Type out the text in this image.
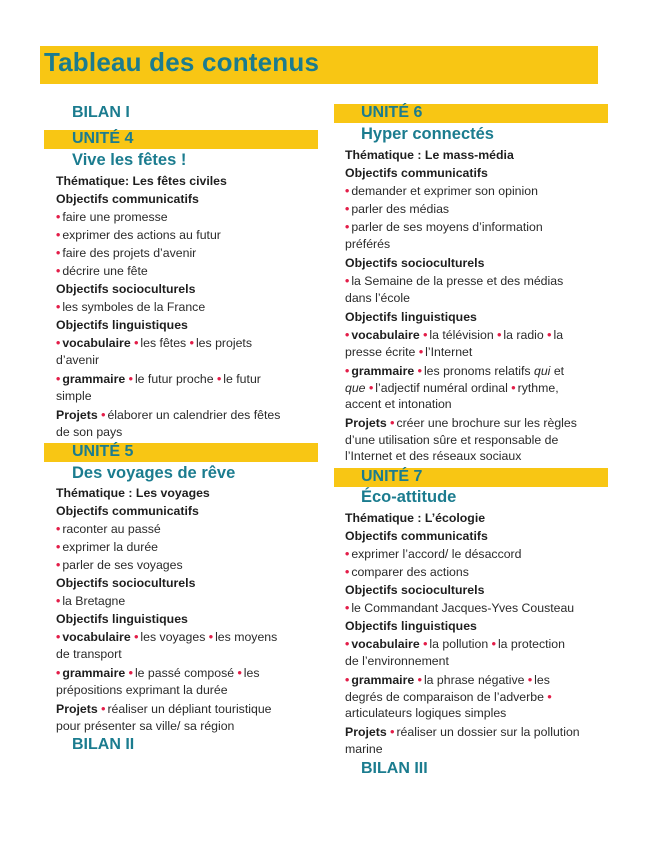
Tableau des contenus
BILAN I
UNITÉ 4
Vive les fêtes !
Thématique: Les fêtes civiles
Objectifs communicatifs
• faire une promesse
• exprimer des actions au futur
• faire des projets d’avenir
• décrire une fête
Objectifs socioculturels
• les symboles de la France
Objectifs linguistiques
• vocabulaire • les fêtes • les projets
d’avenir
• grammaire • le futur proche • le futur
simple
Projets • élaborer un calendrier des fêtes
de son pays
UNITÉ 5
Des voyages de rêve
Thématique : Les voyages
Objectifs communicatifs
• raconter au passé
• exprimer la durée
• parler de ses voyages
Objectifs socioculturels
• la Bretagne
Objectifs linguistiques
• vocabulaire • les voyages • les moyens
de transport
• grammaire • le passé composé • les
prépositions exprimant la durée
Projets • réaliser un dépliant touristique
pour présenter sa ville/ sa région
BILAN II
UNITÉ 6
Hyper connectés
Thématique : Le mass-média
Objectifs communicatifs
• demander et exprimer son opinion
• parler des médias
• parler de ses moyens d’information
préférés
Objectifs socioculturels
• la Semaine de la presse et des médias
dans l’école
Objectifs linguistiques
• vocabulaire • la télévision • la radio • la
presse écrite • l’Internet
• grammaire • les pronoms relatifs qui et
que • l’adjectif numéral ordinal • rythme,
accent et intonation
Projets • créer une brochure sur les règles
d’une utilisation sûre et responsable de
l’Internet et des réseaux sociaux
UNITÉ 7
Éco-attitude
Thématique : L’écologie
Objectifs communicatifs
• exprimer l’accord/ le désaccord
• comparer des actions
Objectifs socioculturels
• le Commandant Jacques-Yves Cousteau
Objectifs linguistiques
• vocabulaire • la pollution • la protection
de l’environnement
• grammaire • la phrase négative • les
degrés de comparaison de l’adverbe •
articulateurs logiques simples
Projets • réaliser un dossier sur la pollution
marine
BILAN III
